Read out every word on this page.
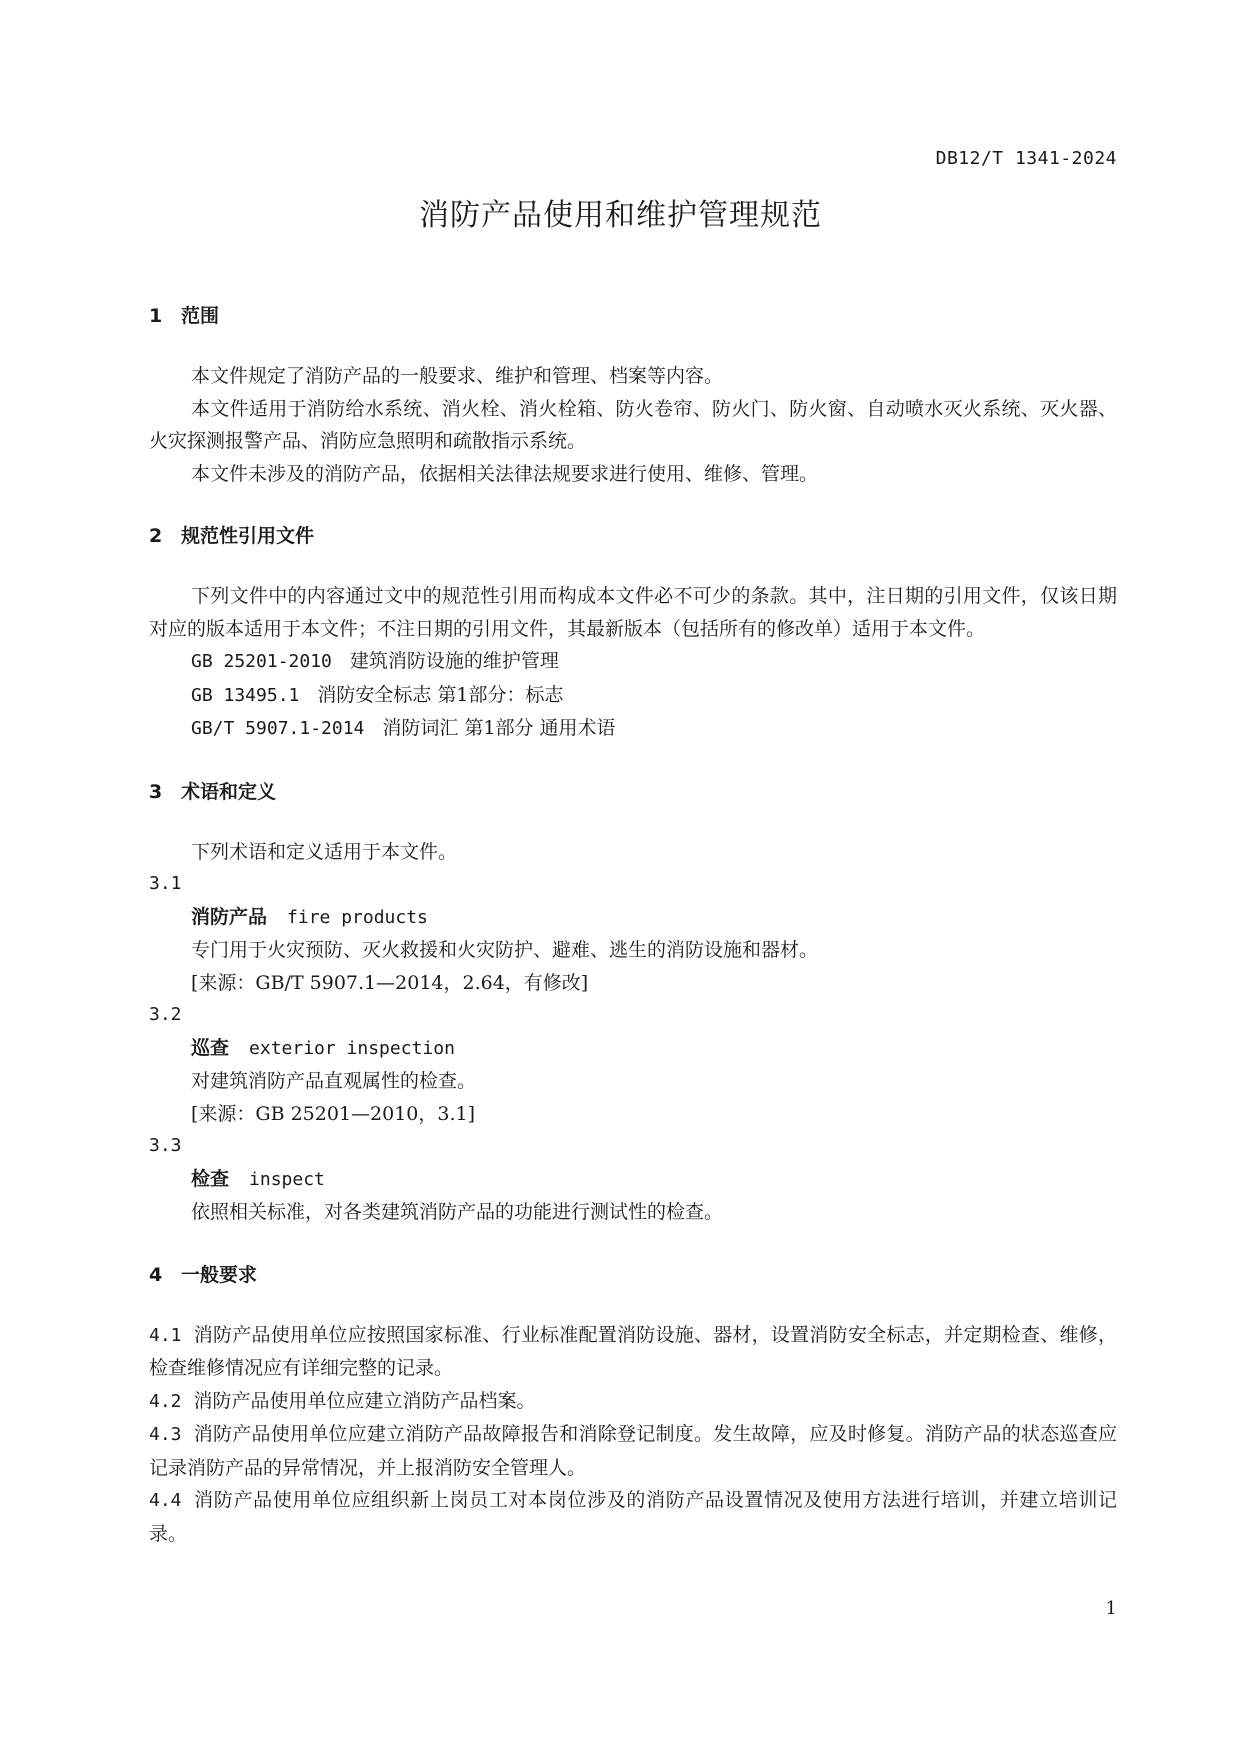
DB12/T 1341-2024
消防产品使用和维护管理规范
1 范围

本文件规定了消防产品的一般要求、维护和管理、档案等内容。

本文件适用于消防给水系统、消火栓、消火栓箱、防火卷帘、防火门、防火窗、自动喷水灭火系统、灭火器、火灾探测报警产品、消防应急照明和疏散指示系统。

本文件未涉及的消防产品，依据相关法律法规要求进行使用、维修、管理。

2 规范性引用文件

下列文件中的内容通过文中的规范性引用而构成本文件必不可少的条款。其中，注日期的引用文件，仅该日期对应的版本适用于本文件；不注日期的引用文件，其最新版本（包括所有的修改单）适用于本文件。

GB 25201-2010 建筑消防设施的维护管理
GB 13495.1 消防安全标志 第1部分：标志
GB/T 5907.1-2014 消防词汇 第1部分 通用术语
3 术语和定义

下列术语和定义适用于本文件。

3.1
消防产品 fire products
专门用于火灾预防、灭火救援和火灾防护、避难、逃生的消防设施和器材。
[来源：GB/T 5907.1—2014，2.64，有修改]
3.2
巡查 exterior inspection
对建筑消防产品直观属性的检查。
[来源：GB 25201—2010，3.1]
3.3
检查 inspect
依照相关标准，对各类建筑消防产品的功能进行测试性的检查。
4 一般要求

4.1 消防产品使用单位应按照国家标准、行业标准配置消防设施、器材，设置消防安全标志，并定期检查、维修，检查维修情况应有详细完整的记录。

4.2 消防产品使用单位应建立消防产品档案。

4.3 消防产品使用单位应建立消防产品故障报告和消除登记制度。发生故障，应及时修复。消防产品的状态巡查应记录消防产品的异常情况，并上报消防安全管理人。

4.4 消防产品使用单位应组织新上岗员工对本岗位涉及的消防产品设置情况及使用方法进行培训，并建立培训记录。

1
